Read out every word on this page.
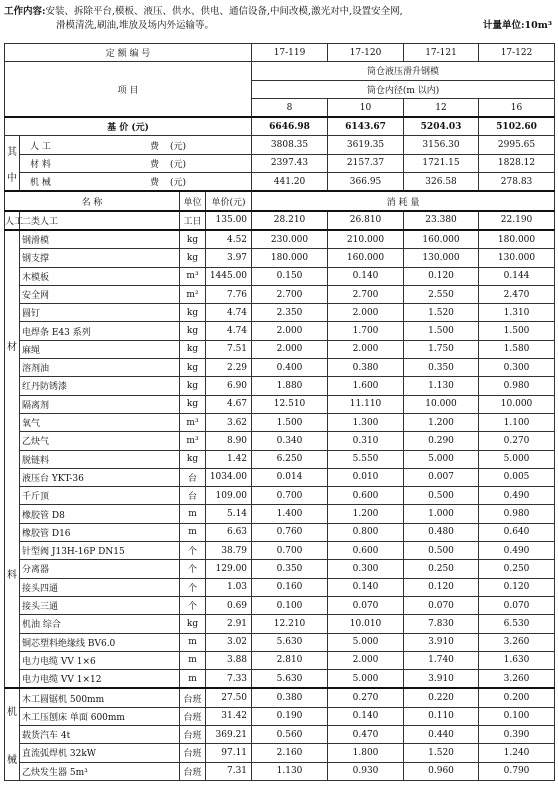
工作内容:安装、拆除平台,模板、液压、供水、供电、通信设备,中间改模,激光对中,设置安全网,
滑模清洗,刷油,堆放及场内外运输等。	计量单位:10m³
定 额 编 号				17-119	17-120	17-121	17-122
项 目				筒仓液压滑升钢模			
				筒仓内径(m 以内)			
				8	10	12	16
基 价 (元)				6646.98	6143.67	5204.03	5102.60
其

中	人 工 费 (元)			3808.35	3619.35	3156.30	2995.65
	材 料 费 (元)			2397.43	2157.37	1721.15	1828.12
	机 械 费 (元)			441.20	366.95	326.58	278.83
名 称		单位	单价(元)	消 耗 量			
人工	二类人工	工日	135.00	28.210	26.810	23.380	22.190

材
料	钢滑模	kg	4.52	230.000	210.000	160.000	180.000
	钢支撑	kg	3.97	180.000	160.000	130.000	130.000
	木模板	m³	1445.00	0.150	0.140	0.120	0.144
	安全网	m²	7.76	2.700	2.700	2.550	2.470
	圆钉	kg	4.74	2.350	2.000	1.520	1.310
	电焊条 E43 系列	kg	4.74	2.000	1.700	1.500	1.500
	麻绳	kg	7.51	2.000	2.000	1.750	1.580
	溶剂油	kg	2.29	0.400	0.380	0.350	0.300
	红丹防锈漆	kg	6.90	1.880	1.600	1.130	0.980
	隔离剂	kg	4.67	12.510	11.110	10.000	10.000
	氧气	m³	3.62	1.500	1.300	1.200	1.100
	乙炔气	m³	8.90	0.340	0.310	0.290	0.270
	脱链料	kg	1.42	6.250	5.550	5.000	5.000
	液压台 YKT-36	台	1034.00	0.014	0.010	0.007	0.005
	千斤顶	台	109.00	0.700	0.600	0.500	0.490
	橡胶管 D8	m	5.14	1.400	1.200	1.000	0.980
	橡胶管 D16	m	6.63	0.760	0.800	0.480	0.640
	针型阀 J13H-16P DN15	个	38.79	0.700	0.600	0.500	0.490
	分离器	个	129.00	0.350	0.300	0.250	0.250
	接头四通	个	1.03	0.160	0.140	0.120	0.120
	接头三通	个	0.69	0.100	0.070	0.070	0.070
	机油 综合	kg	2.91	12.210	10.010	7.830	6.530
	铜芯塑料绝缘线 BV6.0	m	3.02	5.630	5.000	3.910	3.260
	电力电缆 VV 1×6	m	3.88	2.810	2.000	1.740	1.630
	电力电缆 VV 1×12	m	7.33	5.630	5.000	3.910	3.260
机

械	木工圆锯机 500mm	台班	27.50	0.380	0.270	0.220	0.200
	木工压刨床 单面 600mm	台班	31.42	0.190	0.140	0.110	0.100
	载货汽车 4t	台班	369.21	0.560	0.470	0.440	0.390
	直流弧焊机 32kW	台班	97.11	2.160	1.800	1.520	1.240
	乙炔发生器 5m³	台班	7.31	1.130	0.930	0.960	0.790
